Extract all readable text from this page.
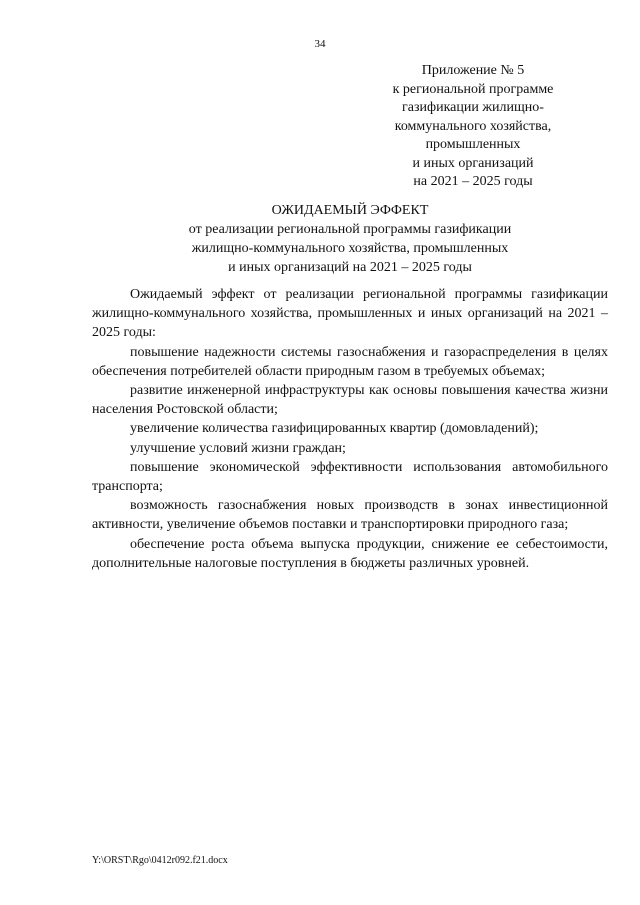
34
Приложение № 5
к региональной программе
газификации жилищно-
коммунального хозяйства,
промышленных
и иных организаций
на 2021 – 2025 годы
ОЖИДАЕМЫЙ ЭФФЕКТ
от реализации региональной программы газификации
жилищно-коммунального хозяйства, промышленных
и иных организаций на 2021 – 2025 годы

Ожидаемый эффект от реализации региональной программы газификации жилищно-коммунального хозяйства, промышленных и иных организаций на 2021 – 2025 годы:

повышение надежности системы газоснабжения и газораспределения в целях обеспечения потребителей области природным газом в требуемых объемах;

развитие инженерной инфраструктуры как основы повышения качества жизни населения Ростовской области;

увеличение количества газифицированных квартир (домовладений);

улучшение условий жизни граждан;

повышение экономической эффективности использования автомобильного транспорта;

возможность газоснабжения новых производств в зонах инвестиционной активности, увеличение объемов поставки и транспортировки природного газа;

обеспечение роста объема выпуска продукции, снижение ее себестоимости, дополнительные налоговые поступления в бюджеты различных уровней.

Y:\ORST\Rgo\0412r092.f21.docx
